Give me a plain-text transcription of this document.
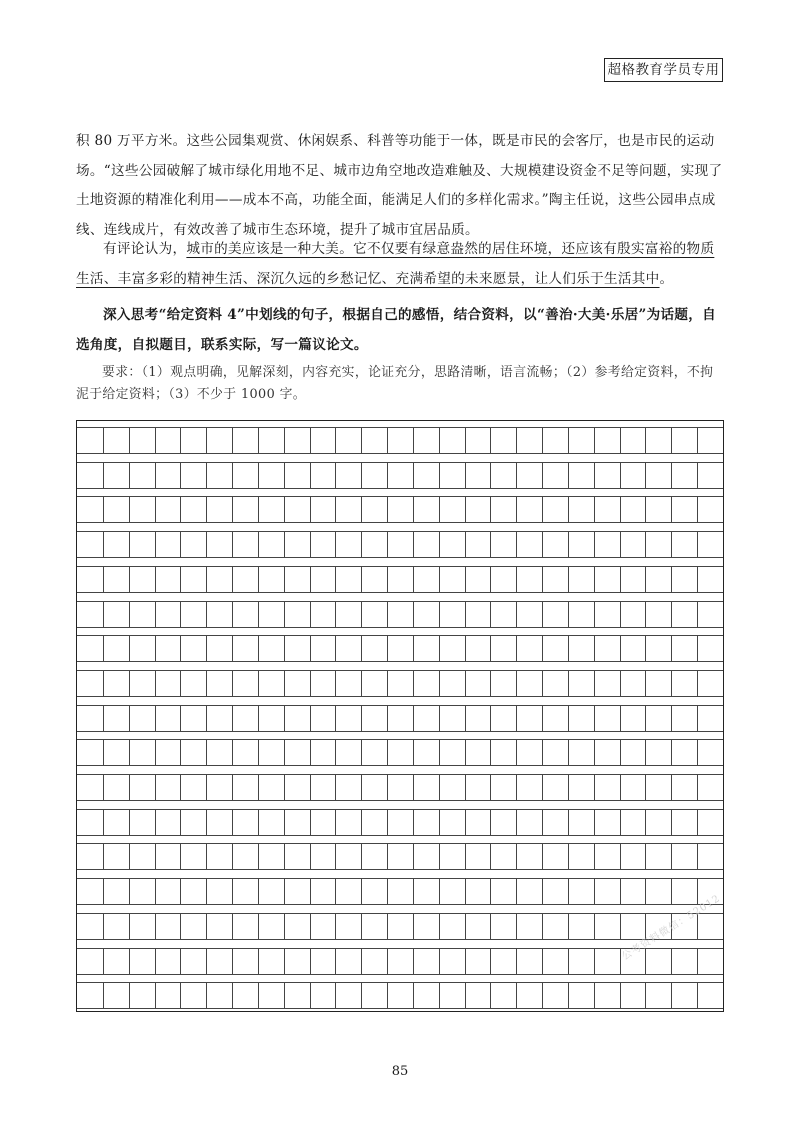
超格教育学员专用
积 80 万平方米。这些公园集观赏、休闲娱系、科普等功能于一体，既是市民的会客厅，也是市民的运动场。“这些公园破解了城市绿化用地不足、城市边角空地改造难触及、大规模建设资金不足等问题，实现了土地资源的精准化利用——成本不高，功能全面，能满足人们的多样化需求。”陶主任说，这些公园串点成线、连线成片，有效改善了城市生态环境，提升了城市宜居品质。
有评论认为，城市的美应该是一种大美。它不仅要有绿意盎然的居住环境，还应该有殷实富裕的物质生活、丰富多彩的精神生活、深沉久远的乡愁记忆、充满希望的未来愿景，让人们乐于生活其中。
深入思考“给定资料 4”中划线的句子，根据自己的感悟，结合资料，以“善治·大美·乐居”为话题，自选角度，自拟题目，联系实际，写一篇议论文。
要求：（1）观点明确，见解深刻，内容充实，论证充分，思路清晰，语言流畅；（2）参考给定资料，不拘泥于给定资料；（3）不少于 1000 字。
85
公考资料微信：52012
